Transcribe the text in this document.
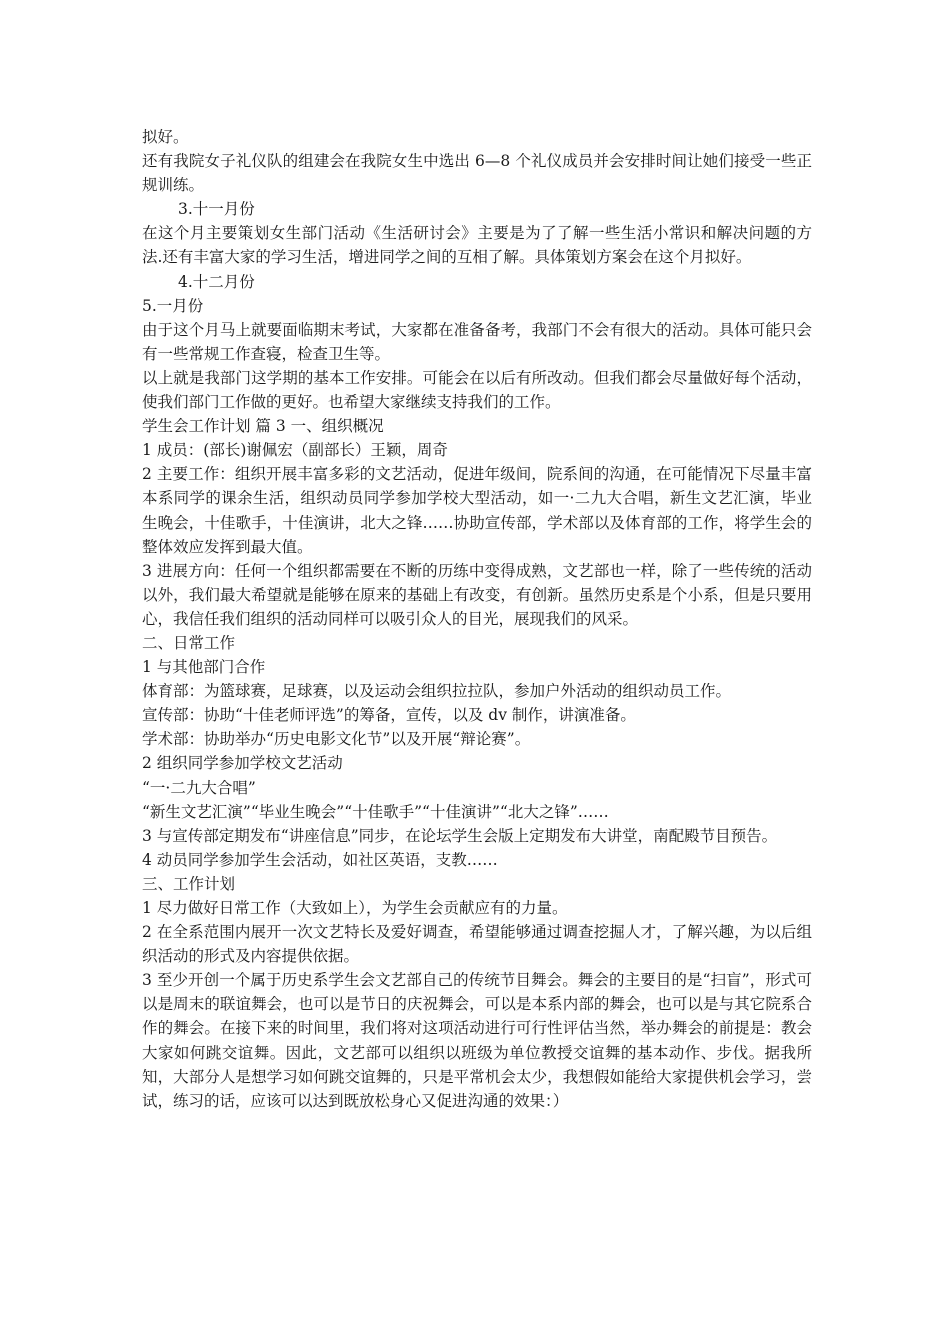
拟好。

还有我院女子礼仪队的组建会在我院女生中选出 6—8 个礼仪成员并会安排时间让她们接受一些正规训练。

3.十一月份

在这个月主要策划女生部门活动《生活研讨会》主要是为了了解一些生活小常识和解决问题的方法.还有丰富大家的学习生活，增进同学之间的互相了解。具体策划方案会在这个月拟好。

4.十二月份

5.一月份

由于这个月马上就要面临期末考试，大家都在准备备考，我部门不会有很大的活动。具体可能只会有一些常规工作查寝，检查卫生等。

以上就是我部门这学期的基本工作安排。可能会在以后有所改动。但我们都会尽量做好每个活动，使我们部门工作做的更好。也希望大家继续支持我们的工作。

学生会工作计划 篇 3 一、组织概况

1 成员：(部长)谢佩宏（副部长）王颖，周奇

2 主要工作：组织开展丰富多彩的文艺活动，促进年级间，院系间的沟通，在可能情况下尽量丰富本系同学的课余生活，组织动员同学参加学校大型活动，如一·二九大合唱，新生文艺汇演，毕业生晚会，十佳歌手，十佳演讲，北大之锋……协助宣传部，学术部以及体育部的工作，将学生会的整体效应发挥到最大值。

3 进展方向：任何一个组织都需要在不断的历练中变得成熟，文艺部也一样，除了一些传统的活动以外，我们最大希望就是能够在原来的基础上有改变，有创新。虽然历史系是个小系，但是只要用心，我信任我们组织的活动同样可以吸引众人的目光，展现我们的风采。

二、日常工作

1 与其他部门合作

体育部：为篮球赛，足球赛，以及运动会组织拉拉队，参加户外活动的组织动员工作。

宣传部：协助“十佳老师评选”的筹备，宣传，以及 dv 制作，讲演准备。

学术部：协助举办“历史电影文化节”以及开展“辩论赛”。

2 组织同学参加学校文艺活动

“一·二九大合唱”

“新生文艺汇演”“毕业生晚会”“十佳歌手”“十佳演讲”“北大之锋”……

3 与宣传部定期发布“讲座信息”同步，在论坛学生会版上定期发布大讲堂，南配殿节目预告。

4 动员同学参加学生会活动，如社区英语，支教……

三、工作计划

1 尽力做好日常工作（大致如上），为学生会贡献应有的力量。

2 在全系范围内展开一次文艺特长及爱好调查，希望能够通过调查挖掘人才，了解兴趣，为以后组织活动的形式及内容提供依据。

3 至少开创一个属于历史系学生会文艺部自己的传统节目舞会。舞会的主要目的是“扫盲”，形式可以是周末的联谊舞会，也可以是节日的庆祝舞会，可以是本系内部的舞会，也可以是与其它院系合作的舞会。在接下来的时间里，我们将对这项活动进行可行性评估当然，举办舞会的前提是：教会大家如何跳交谊舞。因此，文艺部可以组织以班级为单位教授交谊舞的基本动作、步伐。据我所知，大部分人是想学习如何跳交谊舞的，只是平常机会太少，我想假如能给大家提供机会学习，尝试，练习的话，应该可以达到既放松身心又促进沟通的效果：）
